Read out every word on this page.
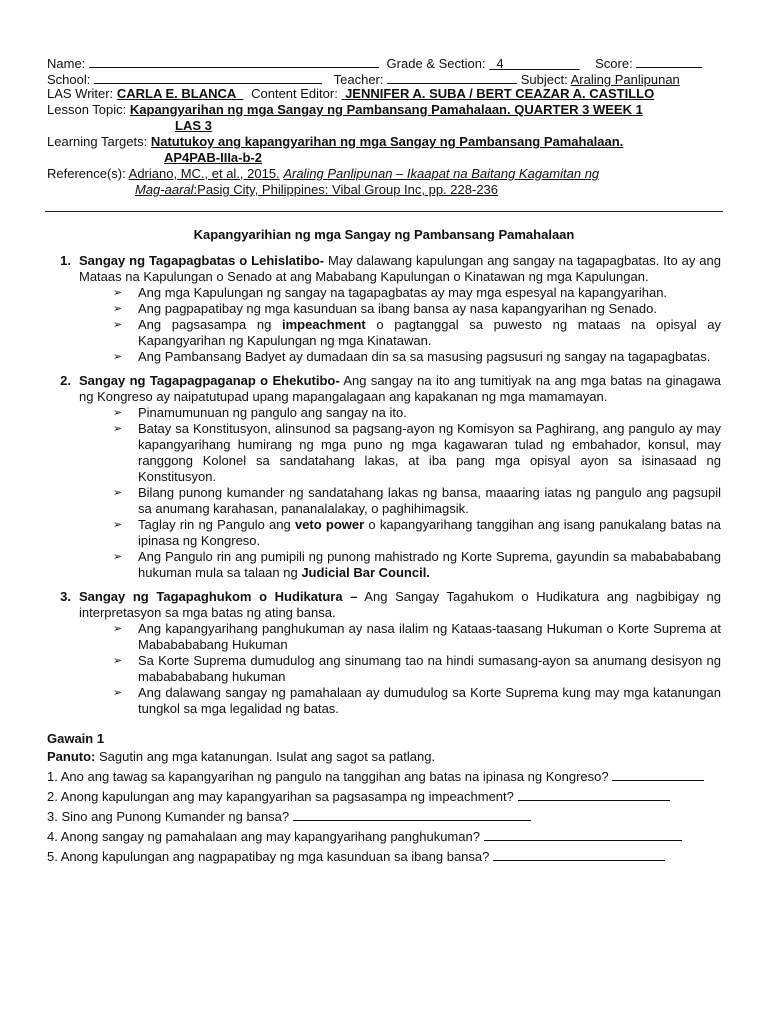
Name:	Grade & Section: 4	Score:
School:	Teacher:	Subject: Araling Panlipunan
LAS Writer: CARLA E. BLANCA Content Editor: JENNIFER A. SUBA / BERT CEAZAR A. CASTILLO
Lesson Topic: Kapangyarihan ng mga Sangay ng Pambansang Pamahalaan. QUARTER 3 WEEK 1
LAS 3
Learning Targets: Natutukoy ang kapangyarihan ng mga Sangay ng Pambansang Pamahalaan.
AP4PAB-IIIa-b-2
Reference(s): Adriano, MC., et al., 2015. Araling Panlipunan – Ikaapat na Baitang Kagamitan ng
Mag-aaral:Pasig City, Philippines: Vibal Group Inc, pp. 228-236
Kapangyarihian ng mga Sangay ng Pambansang Pamahalaan
1. Sangay ng Tagapagbatas o Lehislatibo- May dalawang kapulungan ang sangay na tagapagbatas. Ito ay ang Mataas na Kapulungan o Senado at ang Mababang Kapulungan o Kinatawan ng mga Kapulungan.
➢	Ang mga Kapulungan ng sangay na tagapagbatas ay may mga espesyal na kapangyarihan.
➢	Ang pagpapatibay ng mga kasunduan sa ibang bansa ay nasa kapangyarihan ng Senado.
➢	Ang pagsasampa ng impeachment o pagtanggal sa puwesto ng mataas na opisyal ay Kapangyarihan ng Kapulungan ng mga Kinatawan.
➢	Ang Pambansang Badyet ay dumadaan din sa sa masusing pagsusuri ng sangay na tagapagbatas.
2. Sangay ng Tagapagpaganap o Ehekutibo- Ang sangay na ito ang tumitiyak na ang mga batas na ginagawa ng Kongreso ay naipatutupad upang mapangalagaan ang kapakanan ng mga mamamayan.
➢	Pinamumunuan ng pangulo ang sangay na ito.
➢	Batay sa Konstitusyon, alinsunod sa pagsang-ayon ng Komisyon sa Paghirang, ang pangulo ay may kapangyarihang humirang ng mga puno ng mga kagawaran tulad ng embahador, konsul, may ranggong Kolonel sa sandatahang lakas, at iba pang mga opisyal ayon sa isinasaad ng Konstitusyon.
➢	Bilang punong kumander ng sandatahang lakas ng bansa, maaaring iatas ng pangulo ang pagsupil sa anumang karahasan, pananalalakay, o paghihimagsik.
➢	Taglay rin ng Pangulo ang veto power o kapangyarihang tanggihan ang isang panukalang batas na ipinasa ng Kongreso.
➢	Ang Pangulo rin ang pumipili ng punong mahistrado ng Korte Suprema, gayundin sa mababababang hukuman mula sa talaan ng Judicial Bar Council.
3. Sangay ng Tagapaghukom o Hudikatura – Ang Sangay Tagahukom o Hudikatura ang nagbibigay ng interpretasyon sa mga batas ng ating bansa.
➢	Ang kapangyarihang panghukuman ay nasa ilalim ng Kataas-taasang Hukuman o Korte Suprema at Mababababang Hukuman
➢	Sa Korte Suprema dumudulog ang sinumang tao na hindi sumasang-ayon sa anumang desisyon ng mababababang hukuman
➢	Ang dalawang sangay ng pamahalaan ay dumudulog sa Korte Suprema kung may mga katanungan tungkol sa mga legalidad ng batas.
Gawain 1
Panuto: Sagutin ang mga katanungan. Isulat ang sagot sa patlang.
1. Ano ang tawag sa kapangyarihan ng pangulo na tanggihan ang batas na ipinasa ng Kongreso?
2. Anong kapulungan ang may kapangyarihan sa pagsasampa ng impeachment?
3. Sino ang Punong Kumander ng bansa?
4. Anong sangay ng pamahalaan ang may kapangyarihang panghukuman?
5. Anong kapulungan ang nagpapatibay ng mga kasunduan sa ibang bansa?
